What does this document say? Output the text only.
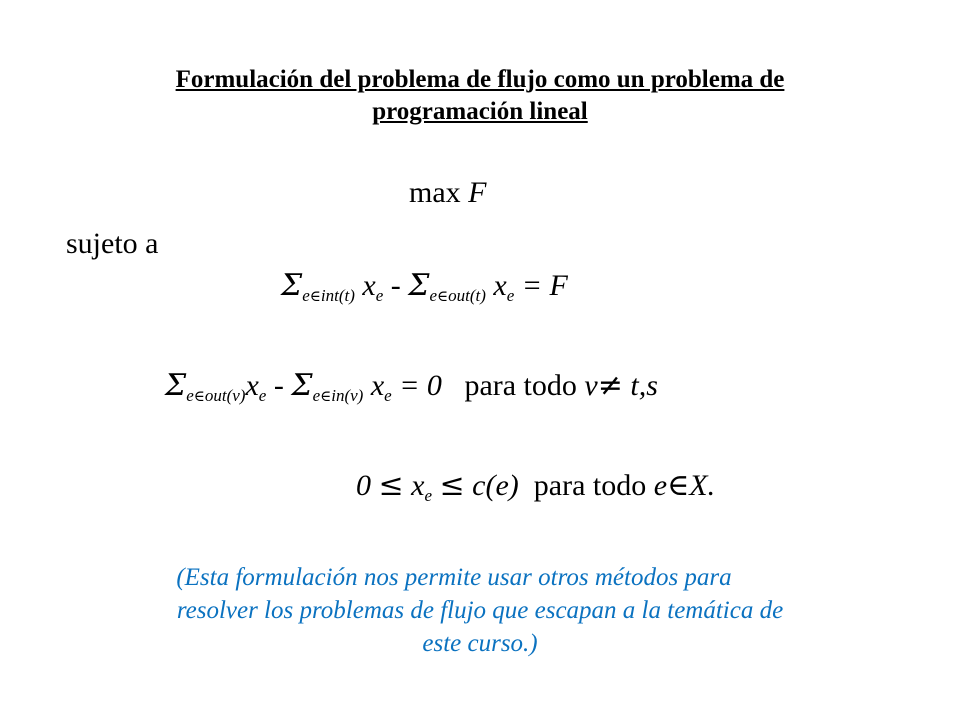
Formulación del problema de flujo como un problema de
programación lineal
max F
sujeto a
$\Sigma_{e\in int(t)}$ $x_e - \Sigma_{e\in out(t)}$ $x_e = F$
$\Sigma_{e\in out(v)}x_e - \Sigma_{e\in in(v)}$ $x_e = 0$ para todo v≠ t,s
$0 \le x_e \le c(e)$ para todo e∈X.
(Esta formulación nos permite usar otros métodos para
resolver los problemas de flujo que escapan a la temática de
este curso.)
